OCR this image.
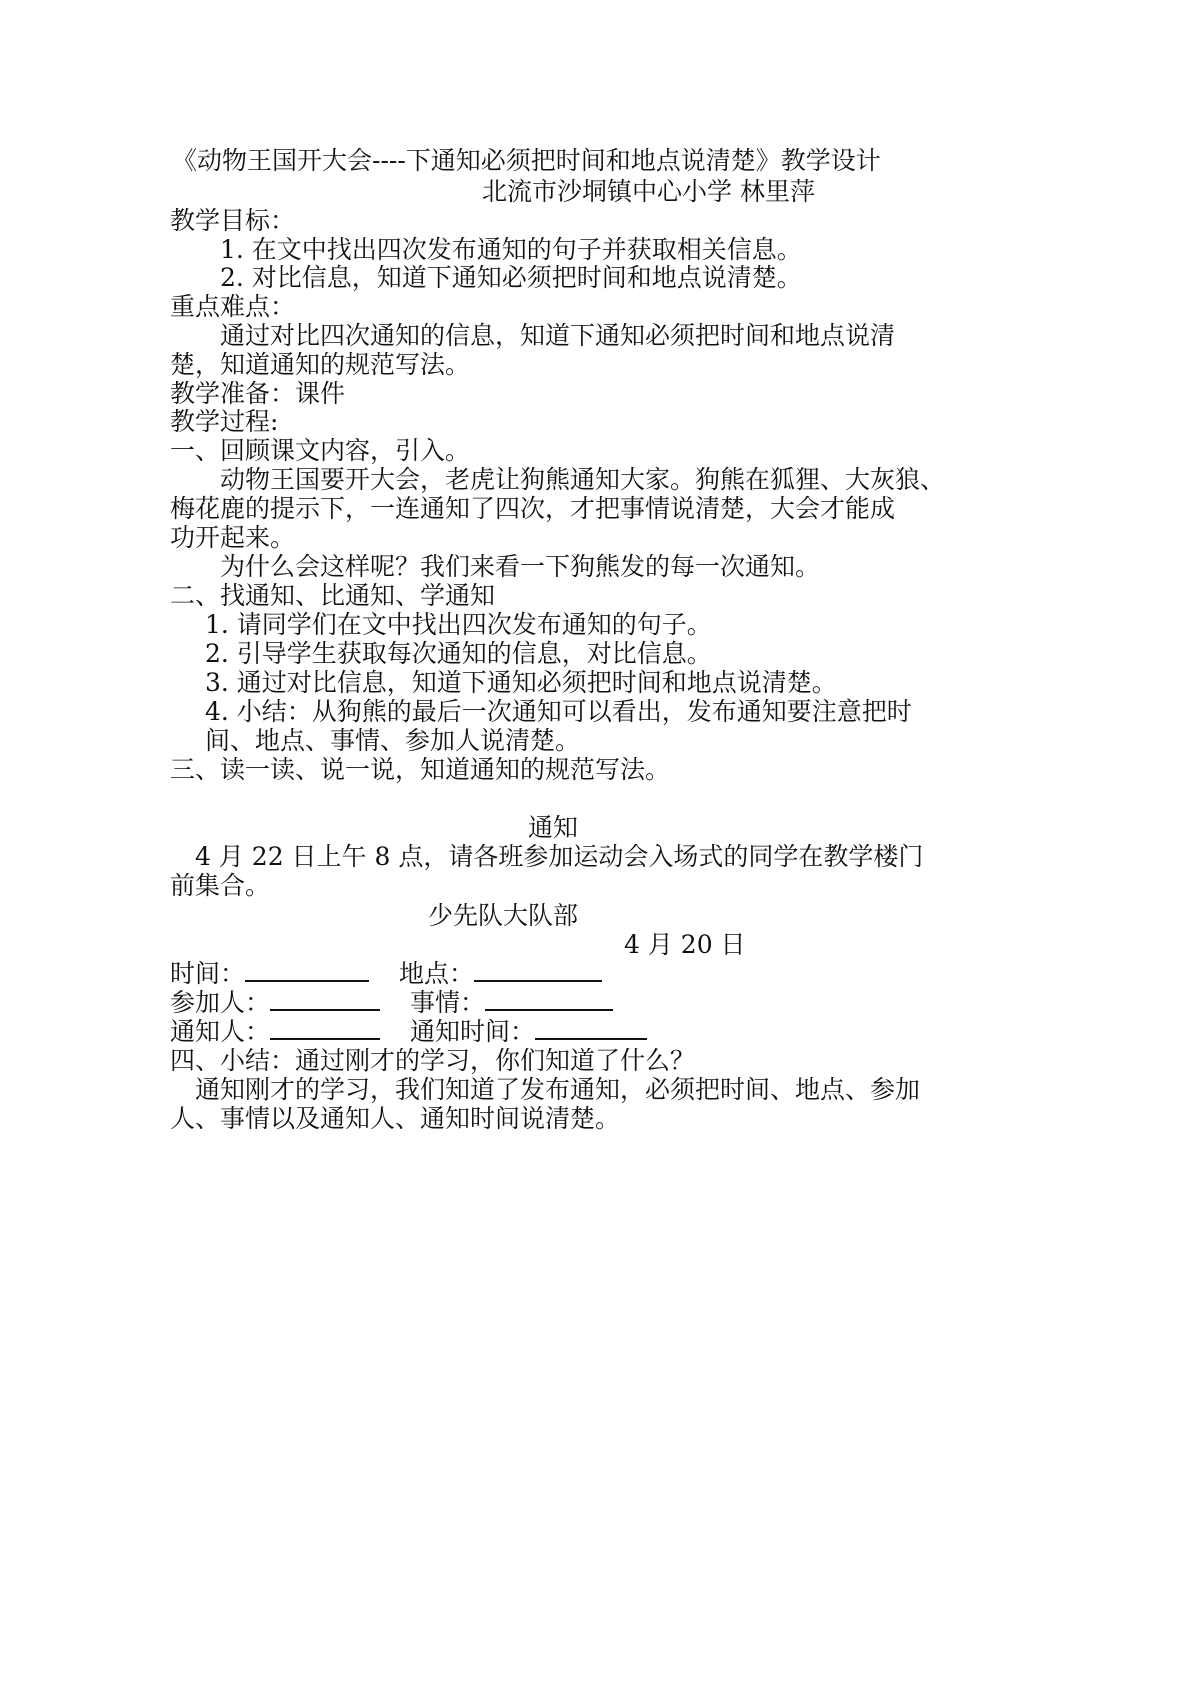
《动物王国开大会----下通知必须把时间和地点说清楚》教学设计
北流市沙垌镇中心小学 林里萍
教学目标：
1. 在文中找出四次发布通知的句子并获取相关信息。
2. 对比信息，知道下通知必须把时间和地点说清楚。
重点难点：
通过对比四次通知的信息，知道下通知必须把时间和地点说清
楚，知道通知的规范写法。
教学准备：课件
教学过程:
一、回顾课文内容，引入。
动物王国要开大会，老虎让狗熊通知大家。狗熊在狐狸、大灰狼、
梅花鹿的提示下，一连通知了四次，才把事情说清楚，大会才能成
功开起来。
为什么会这样呢？我们来看一下狗熊发的每一次通知。
二、找通知、比通知、学通知
1. 请同学们在文中找出四次发布通知的句子。
2. 引导学生获取每次通知的信息，对比信息。
3. 通过对比信息，知道下通知必须把时间和地点说清楚。
4. 小结：从狗熊的最后一次通知可以看出，发布通知要注意把时
间、地点、事情、参加人说清楚。
三、读一读、说一说，知道通知的规范写法。
通知
4 月 22 日上午 8 点，请各班参加运动会入场式的同学在教学楼门
前集合。
少先队大队部
4 月 20 日
时间：	地点：
参加人：	事情：
通知人：	通知时间：
四、小结：通过刚才的学习，你们知道了什么？
通知刚才的学习，我们知道了发布通知，必须把时间、地点、参加
人、事情以及通知人、通知时间说清楚。
